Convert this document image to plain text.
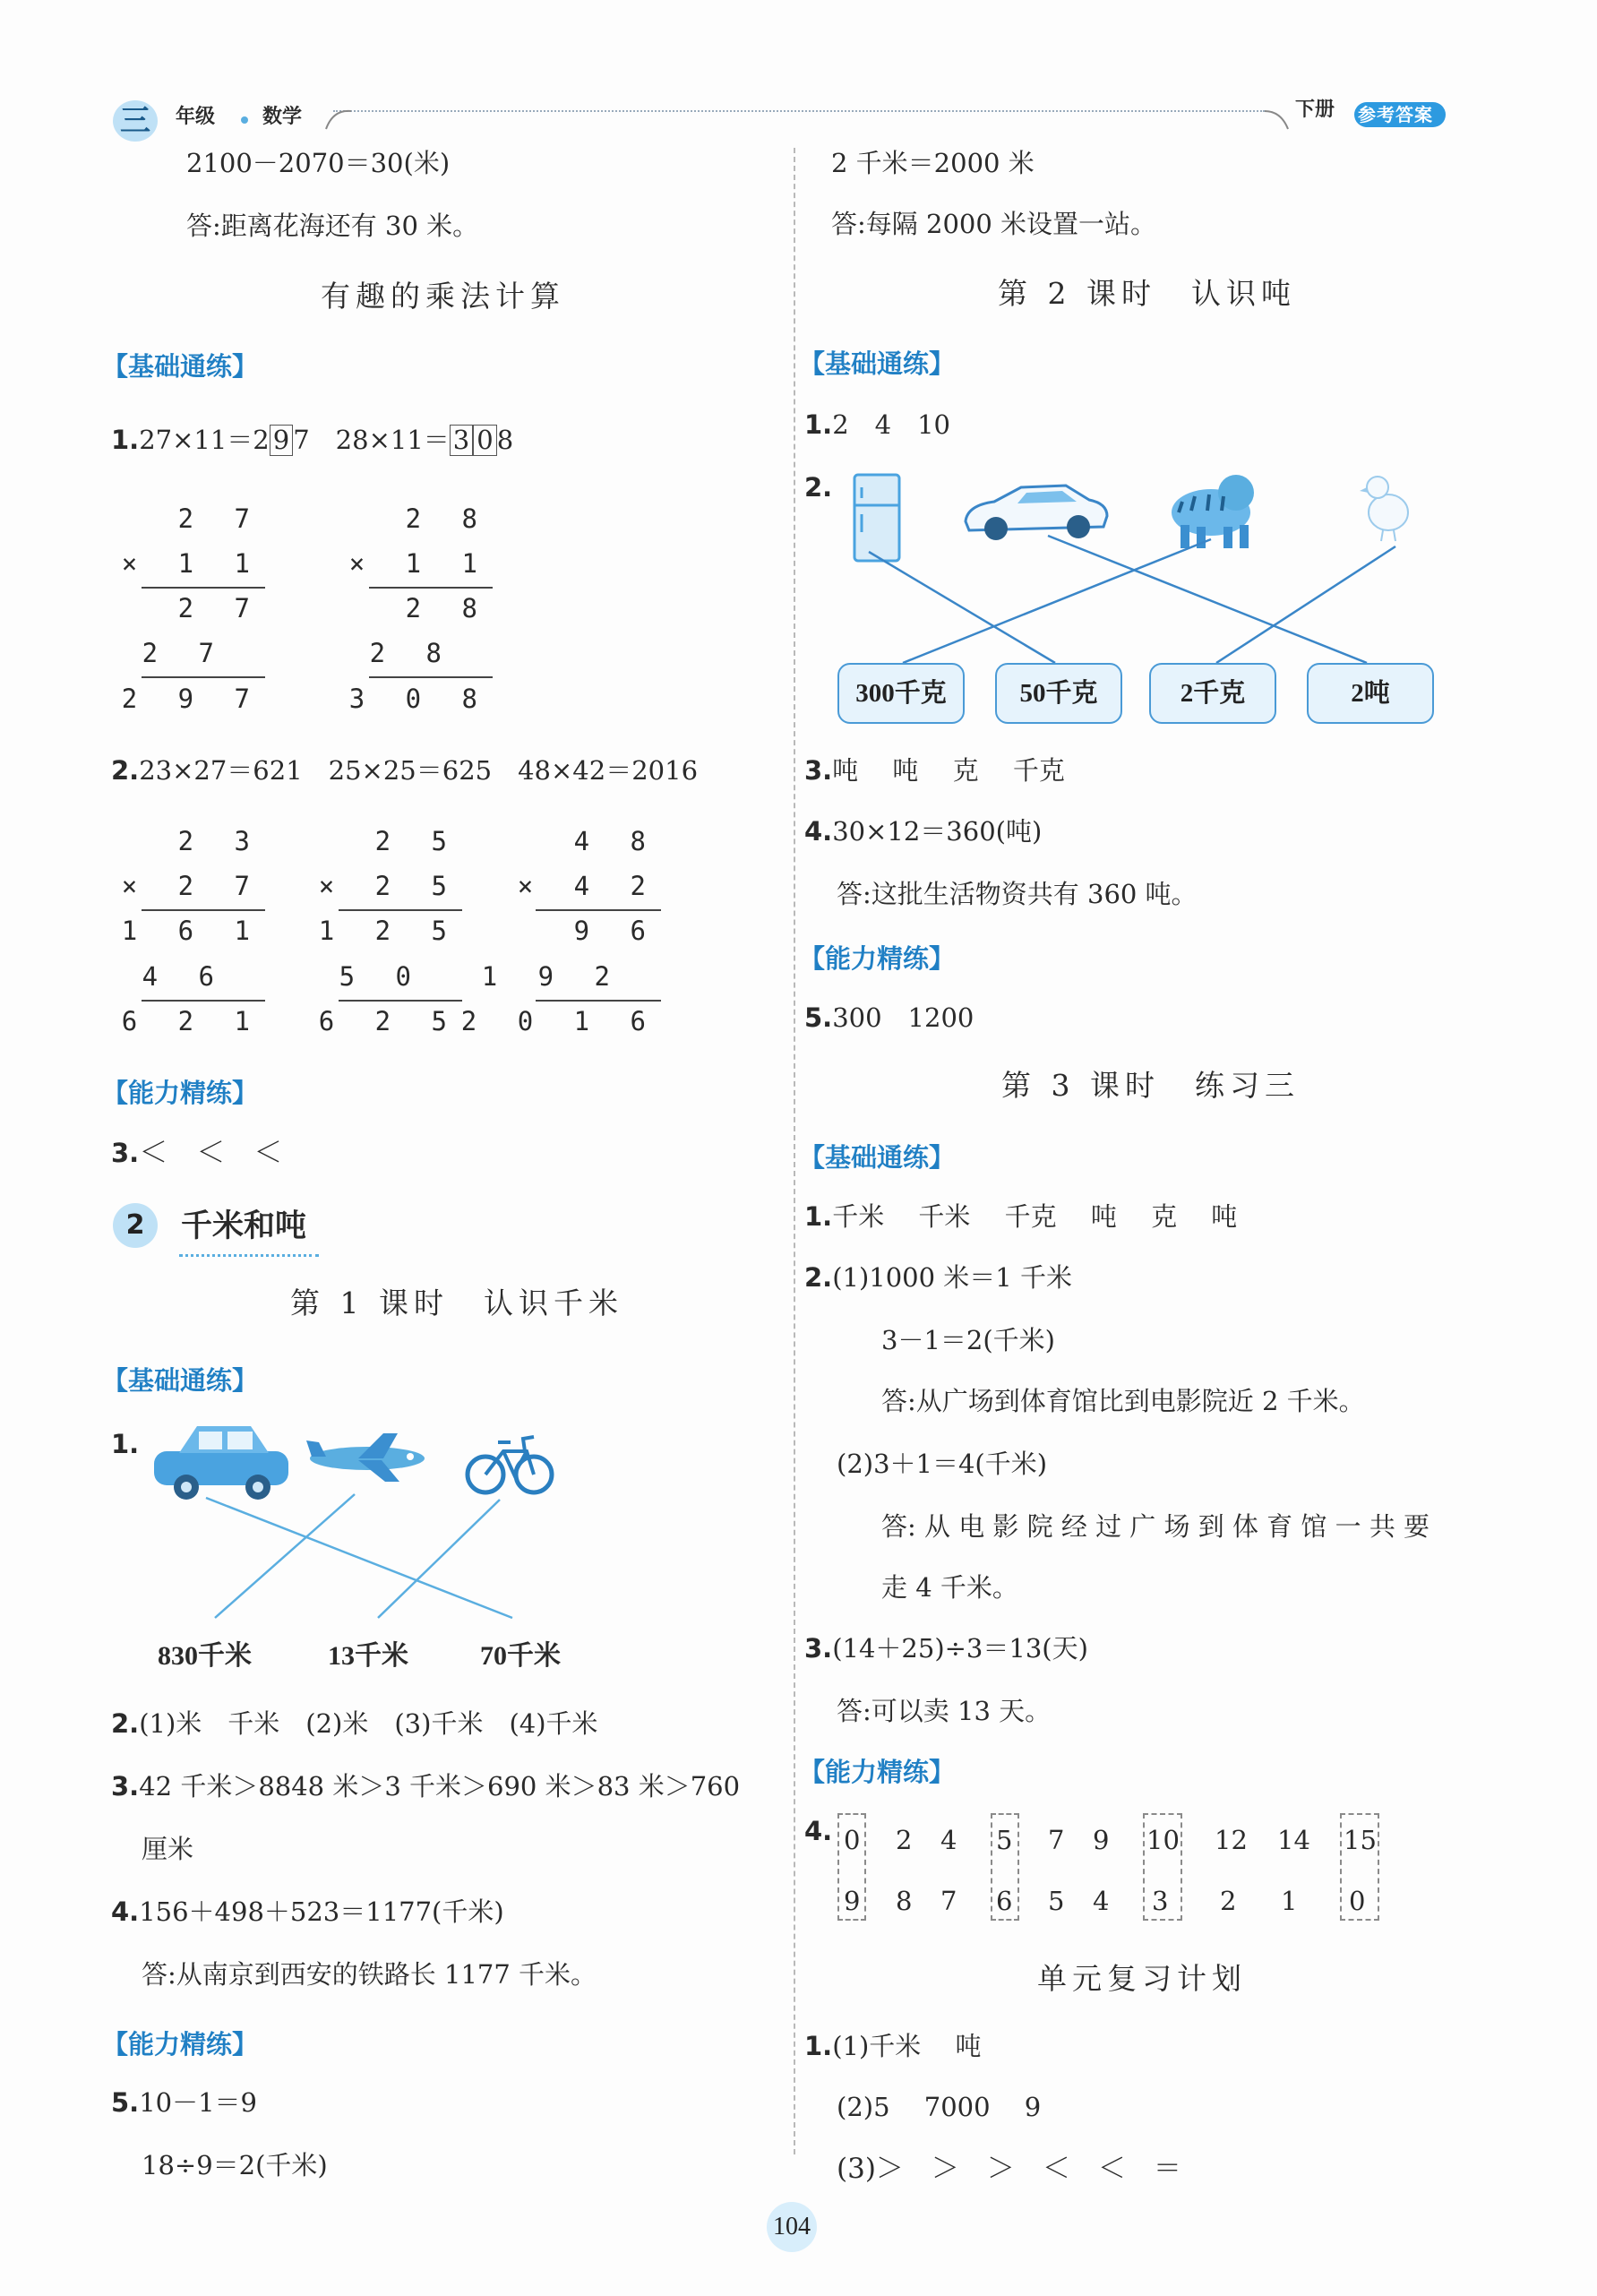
三	年级 数学	下册 参考答案
2100－2070＝30(米)
答:距离花海还有 30 米。
有趣的乘法计算
【基础通练】
1.27×11＝2 9 7　28×11＝ 3 0 8
2 7
× 1 1
2 7
2 7
2 9 7
2 8
× 1 1
2 8
2 8
3 0 8
2.23×27＝621　25×25＝625　48×42＝2016
2 3
× 2 7
1 6 1
4 6
6 2 1
2 5
× 2 5
1 2 5
5 0
6 2 5
4 8
× 4 2
9 6
1 9 2
2 0 1 6
【能力精练】
3.＜　＜　＜
2	千米和吨
第 1 课时　认识千米
【基础通练】
1.
830千米	13千米	70千米
2.(1)米　千米　(2)米　(3)千米　(4)千米
3.42 千米＞8848 米＞3 千米＞690 米＞83 米＞760
厘米
4.156＋498＋523＝1177(千米)
答:从南京到西安的铁路长 1177 千米。
【能力精练】
5.10－1＝9
18÷9＝2(千米)
2 千米＝2000 米
答:每隔 2000 米设置一站。
第 2 课时　认识吨
【基础通练】
1.2　4　10
2.
300千克	50千克	2千克	2吨
3.吨　 吨　 克　 千克
4.30×12＝360(吨)
答:这批生活物资共有 360 吨。
【能力精练】
5.300　1200
第 3 课时　练习三
【基础通练】
1.千米　 千米　 千克　 吨　 克　 吨
2.(1)1000 米＝1 千米
3－1＝2(千米)
答:从广场到体育馆比到电影院近 2 千米。
(2)3＋1＝4(千米)
答: 从 电 影 院 经 过 广 场 到 体 育 馆 一 共 要
走 4 千米。
3.(14＋25)÷3＝13(天)
答:可以卖 13 天。
【能力精练】
4. 0 2 4 5 7 9 10 12 14 15
9 8 7 6 5 4 3 2 1 0
单元复习计划
1.(1)千米　 吨
(2)5　 7000　 9
(3)＞　＞　＞　＜　＜　＝
104
